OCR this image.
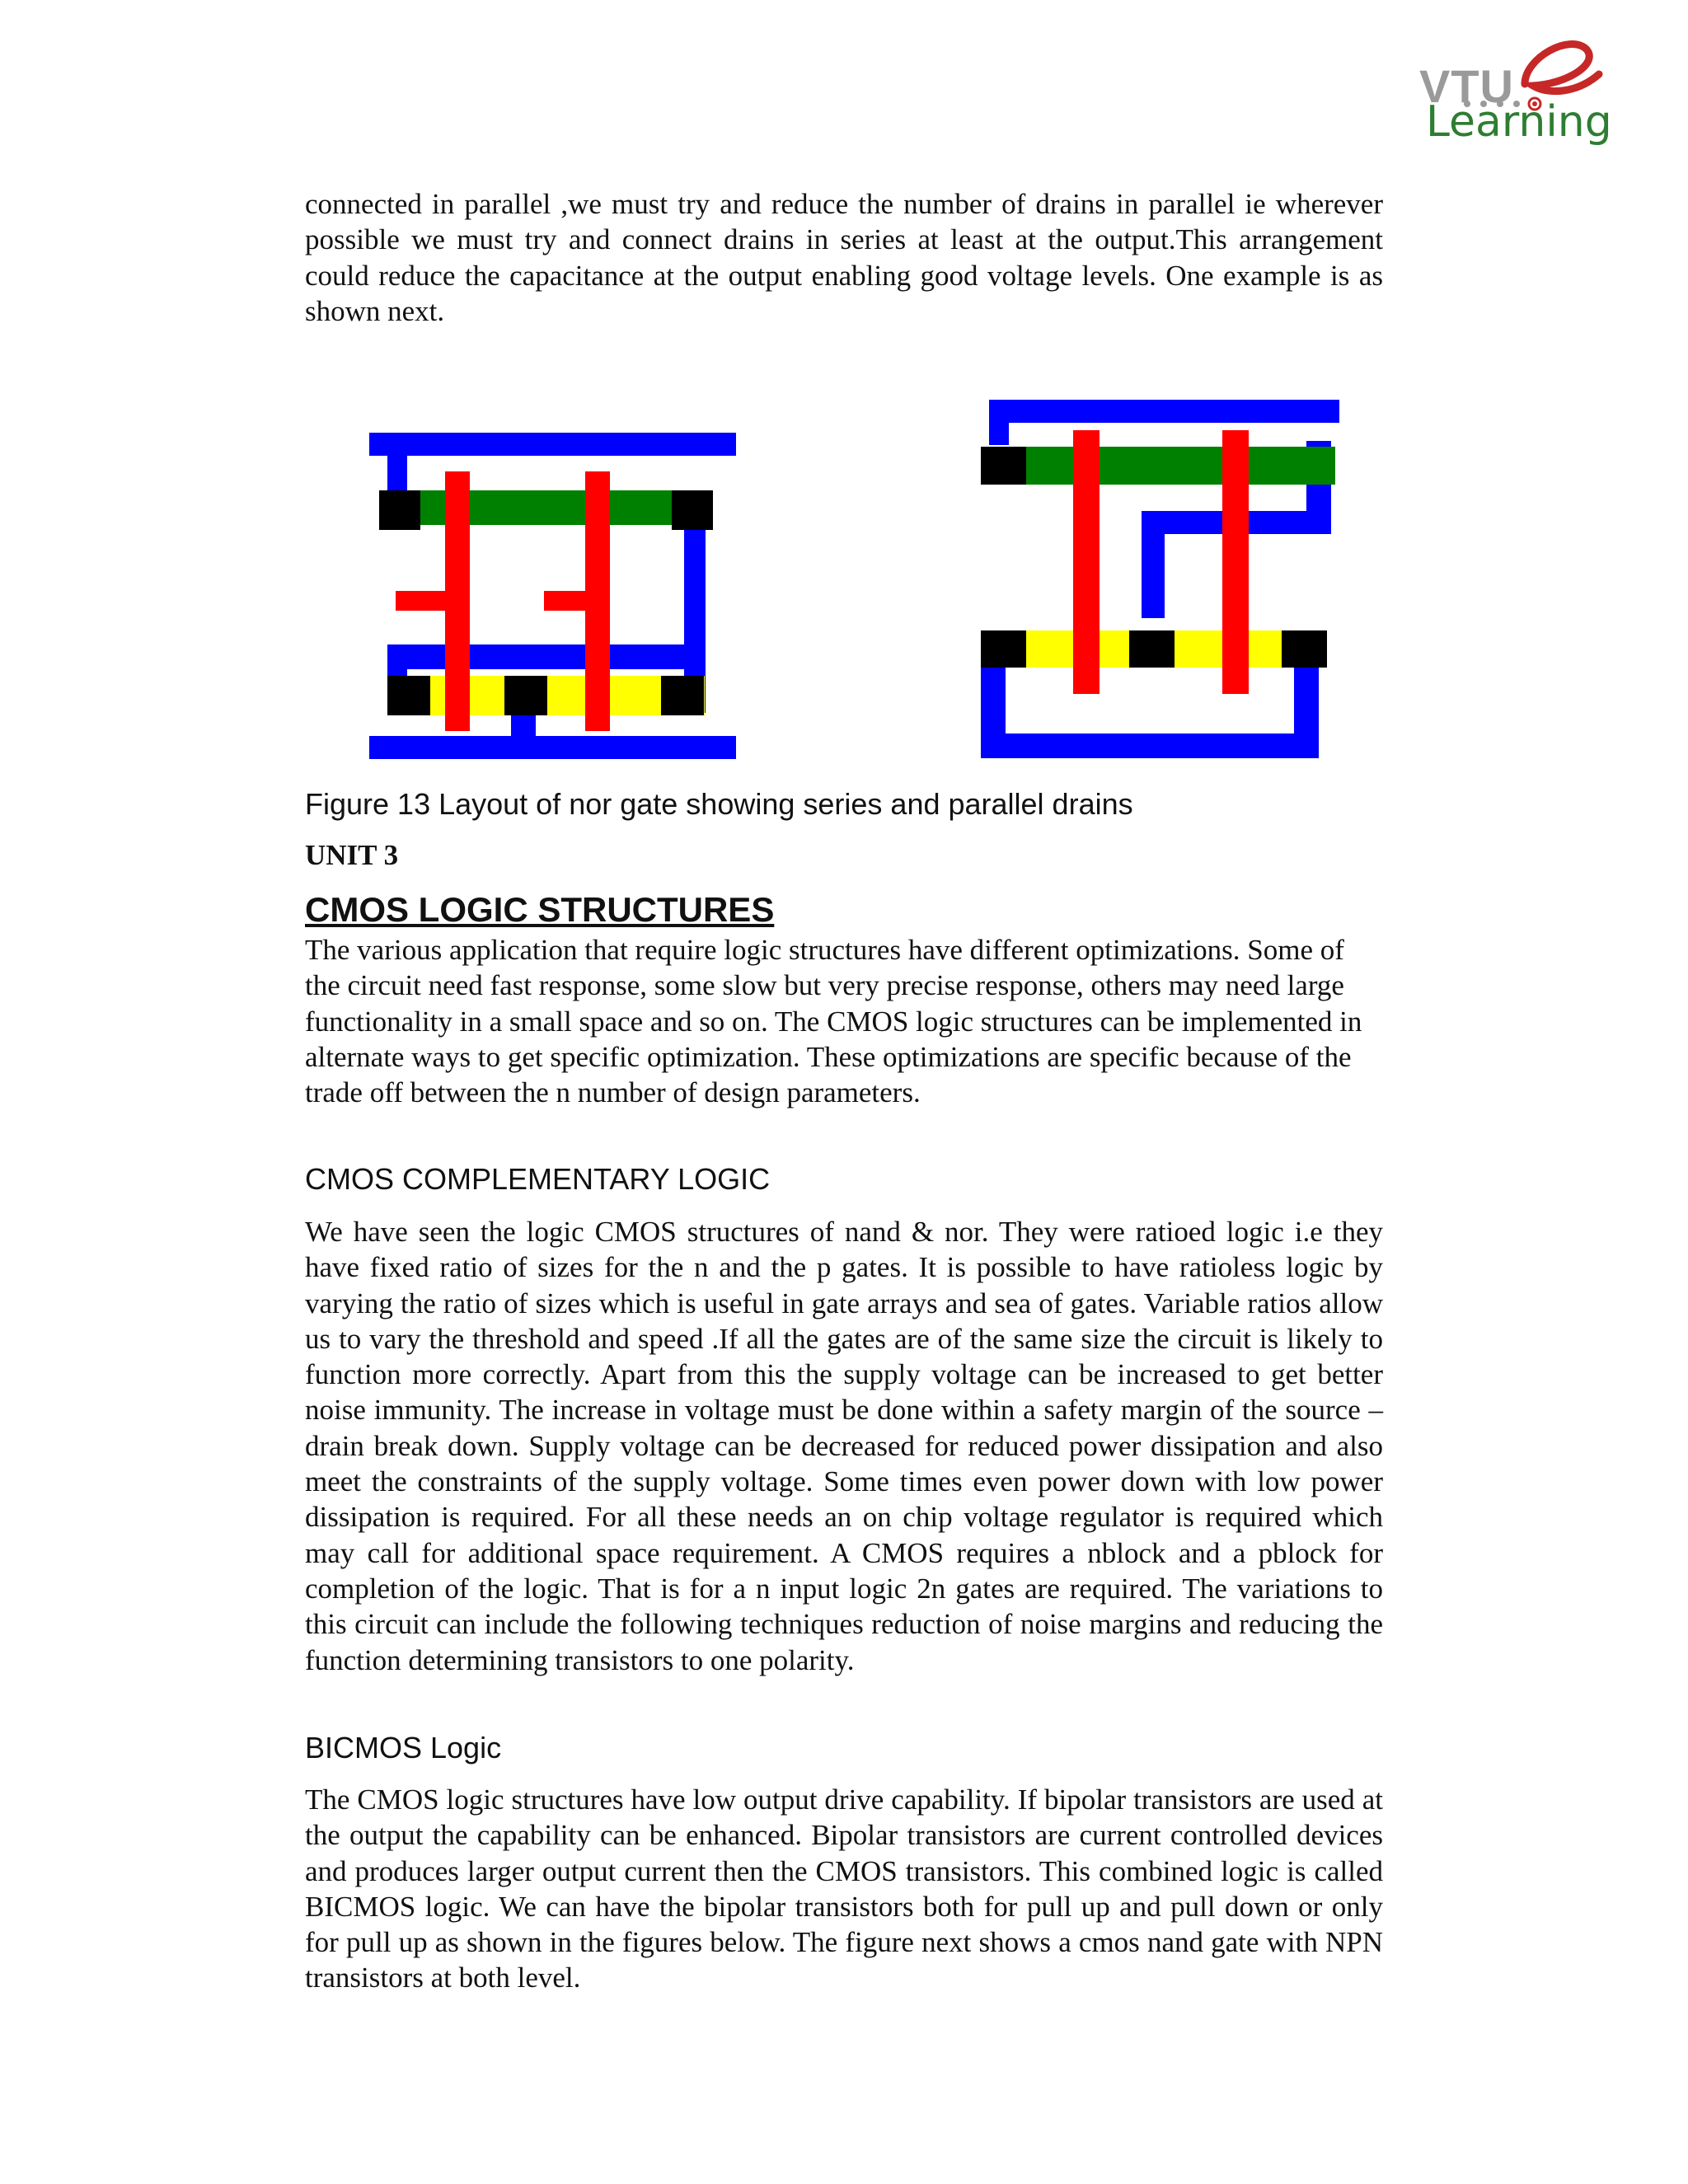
VTU
Learning

connected in parallel ,we must try and reduce the number of drains in parallel ie wherever possible we must try and connect drains in series at least at the output.This arrangement could reduce the capacitance at the output enabling good voltage levels. One example is as shown next.

Figure 13 Layout of nor gate showing series and parallel drains
UNIT 3
CMOS LOGIC STRUCTURES

The various application that require logic structures have different optimizations. Some of the circuit need fast response, some slow but very precise response, others may need large functionality in a small space and so on. The CMOS logic structures can be implemented in alternate ways to get specific optimization. These optimizations are specific because of the trade off between the n number of design parameters.

CMOS COMPLEMENTARY LOGIC

We have seen the logic CMOS structures of nand & nor. They were ratioed logic i.e they have fixed ratio of sizes for the n and the p gates. It is possible to have ratioless logic by varying the ratio of sizes which is useful in gate arrays and sea of gates. Variable ratios allow us to vary the threshold and speed .If all the gates are of the same size the circuit is likely to function more correctly. Apart from this the supply voltage can be increased to get better noise immunity. The increase in voltage must be done within a safety margin of the source –drain break down. Supply voltage can be decreased for reduced power dissipation and also meet the constraints of the supply voltage. Some times even power down with low power dissipation is required. For all these needs an on chip voltage regulator is required which may call for additional space requirement. A CMOS requires a nblock and a pblock for completion of the logic. That is for a n input logic 2n gates are required. The variations to this circuit can include the following techniques reduction of noise margins and reducing the function determining transistors to one polarity.

BICMOS Logic

The CMOS logic structures have low output drive capability. If bipolar transistors are used at the output the capability can be enhanced. Bipolar transistors are current controlled devices and produces larger output current then the CMOS transistors. This combined logic is called BICMOS logic. We can have the bipolar transistors both for pull up and pull down or only for pull up as shown in the figures below. The figure next shows a cmos nand gate with NPN transistors at both level.
